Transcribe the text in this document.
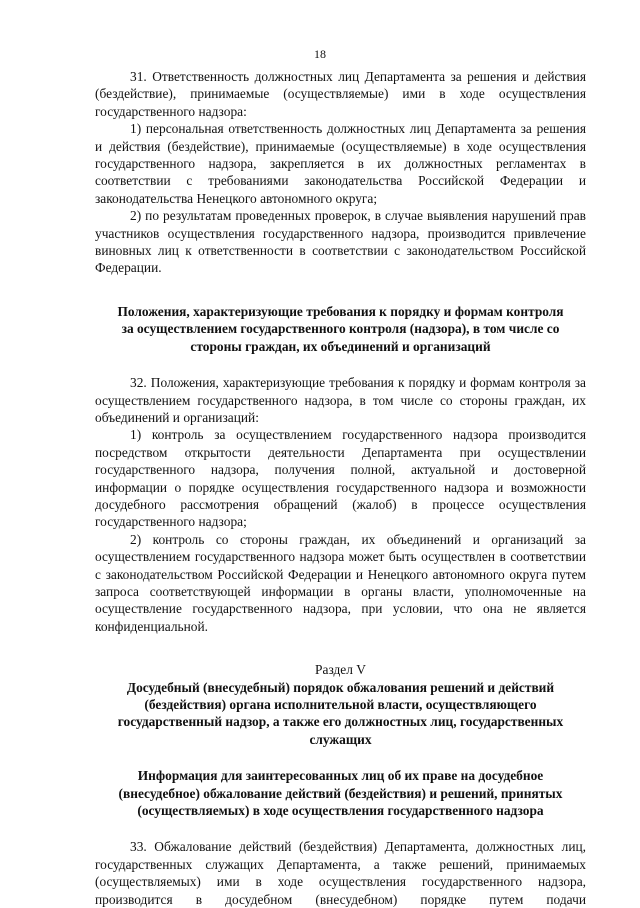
18

31. Ответственность должностных лиц Департамента за решения и действия (бездействие), принимаемые (осуществляемые) ими в ходе осуществления государственного надзора:

1) персональная ответственность должностных лиц Департамента за решения и действия (бездействие), принимаемые (осуществляемые) в ходе осуществления государственного надзора, закрепляется в их должностных регламентах в соответствии с требованиями законодательства Российской Федерации и законодательства Ненецкого автономного округа;

2) по результатам проведенных проверок, в случае выявления нарушений прав участников осуществления государственного надзора, производится привлечение виновных лиц к ответственности в соответствии с законодательством Российской Федерации.

Положения, характеризующие требования к порядку и формам контроля за осуществлением государственного контроля (надзора), в том числе со стороны граждан, их объединений и организаций

32. Положения, характеризующие требования к порядку и формам контроля за осуществлением государственного надзора, в том числе со стороны граждан, их объединений и организаций:

1) контроль за осуществлением государственного надзора производится посредством открытости деятельности Департамента при осуществлении государственного надзора, получения полной, актуальной и достоверной информации о порядке осуществления государственного надзора и возможности досудебного рассмотрения обращений (жалоб) в процессе осуществления государственного надзора;

2) контроль со стороны граждан, их объединений и организаций за осуществлением государственного надзора может быть осуществлен в соответствии с законодательством Российской Федерации и Ненецкого автономного округа путем запроса соответствующей информации в органы власти, уполномоченные на осуществление государственного надзора, при условии, что она не является конфиденциальной.

Раздел V

Досудебный (внесудебный) порядок обжалования решений и действий (бездействия) органа исполнительной власти, осуществляющего государственный надзор, а также его должностных лиц, государственных служащих

Информация для заинтересованных лиц об их праве на досудебное (внесудебное) обжалование действий (бездействия) и решений, принятых (осуществляемых) в ходе осуществления государственного надзора

33. Обжалование действий (бездействия) Департамента, должностных лиц, государственных служащих Департамента, а также решений, принимаемых (осуществляемых) ими в ходе осуществления государственного надзора, производится в досудебном (внесудебном) порядке путем подачи
